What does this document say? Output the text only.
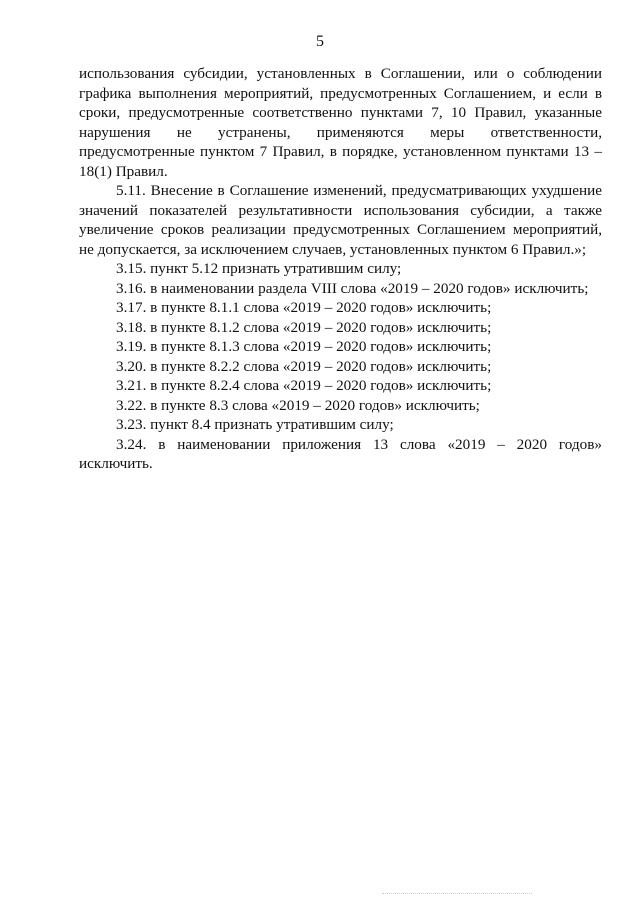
5

использования субсидии, установленных в Соглашении, или о соблюдении графика выполнения мероприятий, предусмотренных Соглашением, и если в сроки, предусмотренные соответственно пунктами 7, 10 Правил, указанные нарушения не устранены, применяются меры ответственности, предусмотренные пунктом 7 Правил, в порядке, установленном пунктами 13 – 18(1) Правил.

5.11. Внесение в Соглашение изменений, предусматривающих ухудшение значений показателей результативности использования субсидии, а также увеличение сроков реализации предусмотренных Соглашением мероприятий, не допускается, за исключением случаев, установленных пунктом 6 Правил.»;

3.15. пункт 5.12 признать утратившим силу;

3.16. в наименовании раздела VIII слова «2019 – 2020 годов» исключить;

3.17. в пункте 8.1.1 слова «2019 – 2020 годов» исключить;

3.18. в пункте 8.1.2 слова «2019 – 2020 годов» исключить;

3.19. в пункте 8.1.3 слова «2019 – 2020 годов» исключить;

3.20. в пункте 8.2.2 слова «2019 – 2020 годов» исключить;

3.21. в пункте 8.2.4 слова «2019 – 2020 годов» исключить;

3.22. в пункте 8.3 слова «2019 – 2020 годов» исключить;

3.23. пункт 8.4 признать утратившим силу;

3.24. в наименовании приложения 13 слова «2019 – 2020 годов» исключить.
